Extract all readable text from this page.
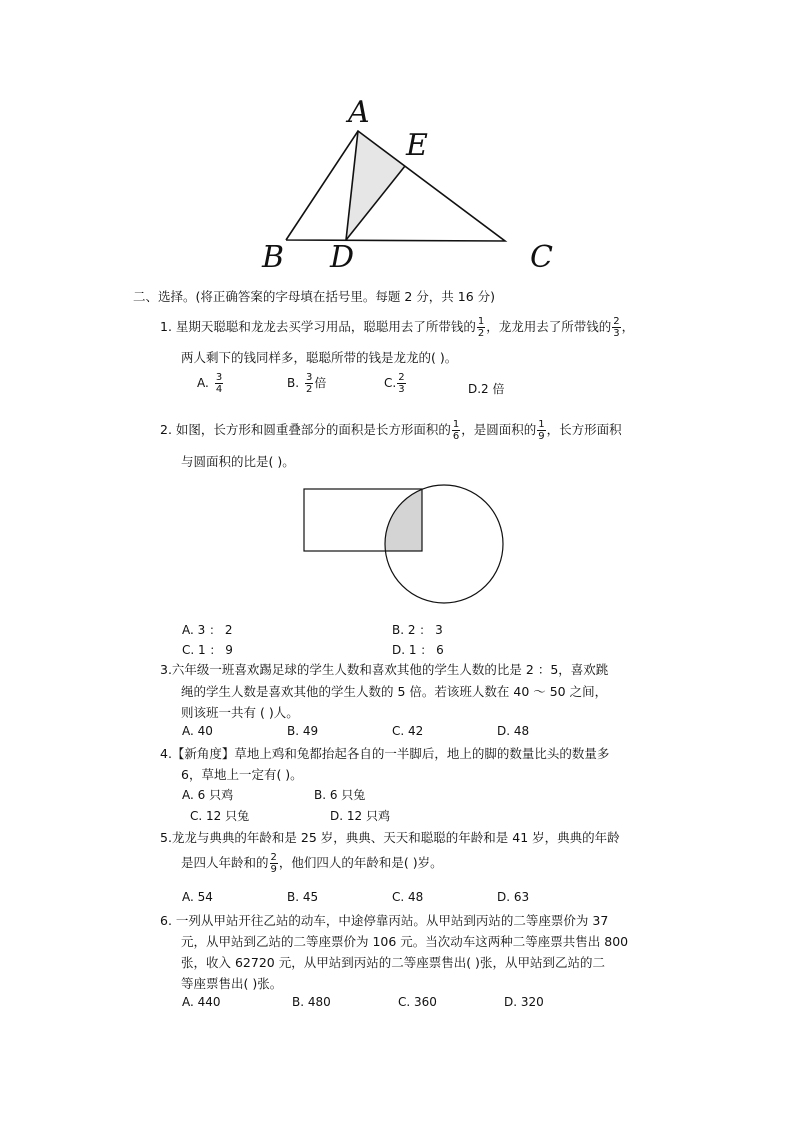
A
E
B D	C
二、选择。(将正确答案的字母填在括号里。每题 2 分，共 16 分)
1. 星期天聪聪和龙龙去买学习用品，聪聪用去了所带钱的 $\frac{1}{2}$ ，龙龙用去了所带钱的 $\frac{2}{3}$ ，
两人剩下的钱同样多，聪聪所带的钱是龙龙的( )。
A. $\frac{3}{4}$	B. $\frac{3}{2}$ 倍	C. $\frac{2}{3}$	D.2 倍
2. 如图，长方形和圆重叠部分的面积是长方形面积的 $\frac{1}{6}$ ，是圆面积的 $\frac{1}{9}$ ，长方形面积
与圆面积的比是( )。
A. 3 ： 2	B. 2 ： 3
C. 1 ： 9	D. 1 ： 6
3.六年级一班喜欢踢足球的学生人数和喜欢其他的学生人数的比是 2 ：5，喜欢跳
绳的学生人数是喜欢其他的学生人数的 5 倍。若该班人数在 40 ～ 50 之间，
则该班一共有 ( )人。
A. 40	B. 49	C. 42	D. 48
4.【新角度】草地上鸡和兔都抬起各自的一半脚后，地上的脚的数量比头的数量多
6，草地上一定有( )。
A. 6 只鸡	B. 6 只兔
C. 12 只兔	D. 12 只鸡
5.龙龙与典典的年龄和是 25 岁，典典、天天和聪聪的年龄和是 41 岁，典典的年龄
是四人年龄和的 $\frac{2}{9}$ ，他们四人的年龄和是( )岁。
A. 54	B. 45	C. 48	D. 63
6. 一列从甲站开往乙站的动车，中途停靠丙站。从甲站到丙站的二等座票价为 37
元，从甲站到乙站的二等座票价为 106 元。当次动车这两种二等座票共售出 800
张，收入 62720 元，从甲站到丙站的二等座票售出( )张，从甲站到乙站的二
等座票售出( )张。
A. 440	B. 480	C. 360	D. 320
